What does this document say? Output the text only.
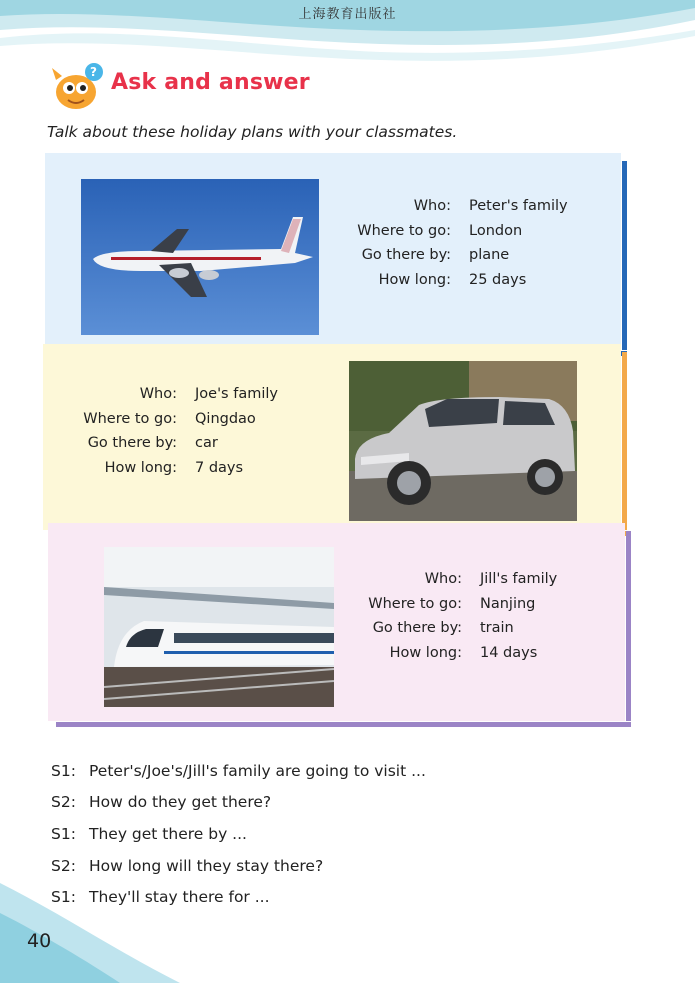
上海教育出版社
? Ask and answer
Talk about these holiday plans with your classmates.
Who: Peter's family
Where to go: London
Go there by: plane
How long: 25 days
Who: Joe's family
Where to go: Qingdao
Go there by: car
How long: 7 days
Who: Jill's family
Where to go: Nanjing
Go there by: train
How long: 14 days
S1: Peter's/Joe's/Jill's family are going to visit ...
S2: How do they get there?
S1: They get there by ...
S2: How long will they stay there?
S1: They'll stay there for ...
40
